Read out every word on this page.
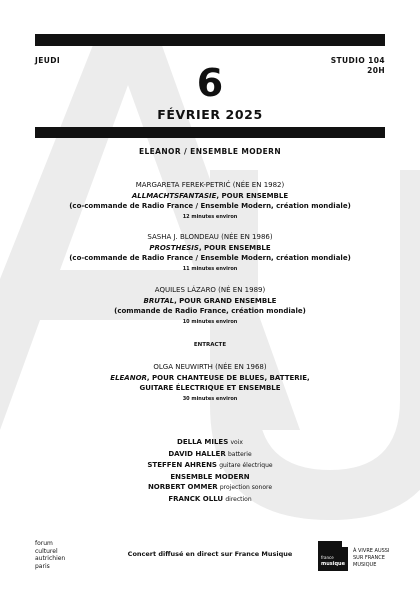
JEUDI	STUDIO 104
20H
6
FÉVRIER 2025
ELEANOR / ENSEMBLE MODERN
MARGARETA FEREK-PETRIĆ (NÉE EN 1982)
ALLMACHTSFANTASIE, POUR ENSEMBLE
(co-commande de Radio France / Ensemble Modern, création mondiale)
12 minutes environ
SASHA J. BLONDEAU (NÉE EN 1986)
PROSTHESIS, POUR ENSEMBLE
(co-commande de Radio France / Ensemble Modern, création mondiale)
11 minutes environ
AQUILES LÁZARO (NÉ EN 1989)
BRUTAL, POUR GRAND ENSEMBLE
(commande de Radio France, création mondiale)
10 minutes environ
ENTRACTE
OLGA NEUWIRTH (NÉE EN 1968)
ELEANOR, POUR CHANTEUSE DE BLUES, BATTERIE,
GUITARE ÉLECTRIQUE ET ENSEMBLE
30 minutes environ
DELLA MILES voix
DAVID HALLER batterie
STEFFEN AHRENS guitare électrique
ENSEMBLE MODERN
NORBERT OMMER projection sonore
FRANCK OLLU direction
forum
culturel
autrichien
paris
Concert diffusé en direct sur France Musique	france
musique
À VIVRE AUSSI
SUR FRANCE
MUSIQUE
